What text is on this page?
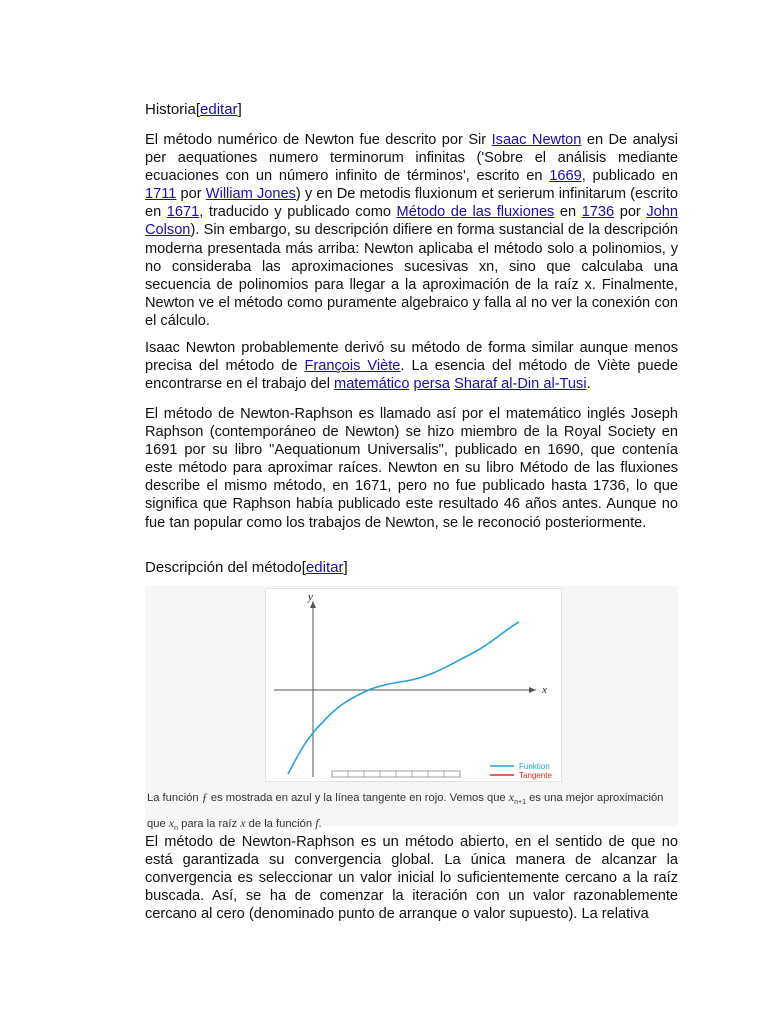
Historia[editar]

El método numérico de Newton fue descrito por Sir Isaac Newton en De analysi per aequationes numero terminorum infinitas ('Sobre el análisis mediante ecuaciones con un número infinito de términos', escrito en 1669, publicado en 1711 por William Jones) y en De metodis fluxionum et serierum infinitarum (escrito en 1671, traducido y publicado como Método de las fluxiones en 1736 por John Colson). Sin embargo, su descripción difiere en forma sustancial de la descripción moderna presentada más arriba: Newton aplicaba el método solo a polinomios, y no consideraba las aproximaciones sucesivas xn, sino que calculaba una secuencia de polinomios para llegar a la aproximación de la raíz x. Finalmente, Newton ve el método como puramente algebraico y falla al no ver la conexión con el cálculo.

Isaac Newton probablemente derivó su método de forma similar aunque menos precisa del método de François Viète. La esencia del método de Viète puede encontrarse en el trabajo del matemático persa Sharaf al-Din al-Tusi.

El método de Newton-Raphson es llamado así por el matemático inglés Joseph Raphson (contemporáneo de Newton) se hizo miembro de la Royal Society en 1691 por su libro "Aequationum Universalis", publicado en 1690, que contenía este método para aproximar raíces. Newton en su libro Método de las fluxiones describe el mismo método, en 1671, pero no fue publicado hasta 1736, lo que significa que Raphson había publicado este resultado 46 años antes. Aunque no fue tan popular como los trabajos de Newton, se le reconoció posteriormente.

Descripción del método[editar]
x
y
Funktion
Tangente
La función ƒ es mostrada en azul y la línea tangente en rojo. Vemos que $x_{n+1}$ es una mejor aproximación que $x_n$ para la raíz x de la función f.

El método de Newton-Raphson es un método abierto, en el sentido de que no está garantizada su convergencia global. La única manera de alcanzar la convergencia es seleccionar un valor inicial lo suficientemente cercano a la raíz buscada. Así, se ha de comenzar la iteración con un valor razonablemente cercano al cero (denominado punto de arranque o valor supuesto). La relativa
